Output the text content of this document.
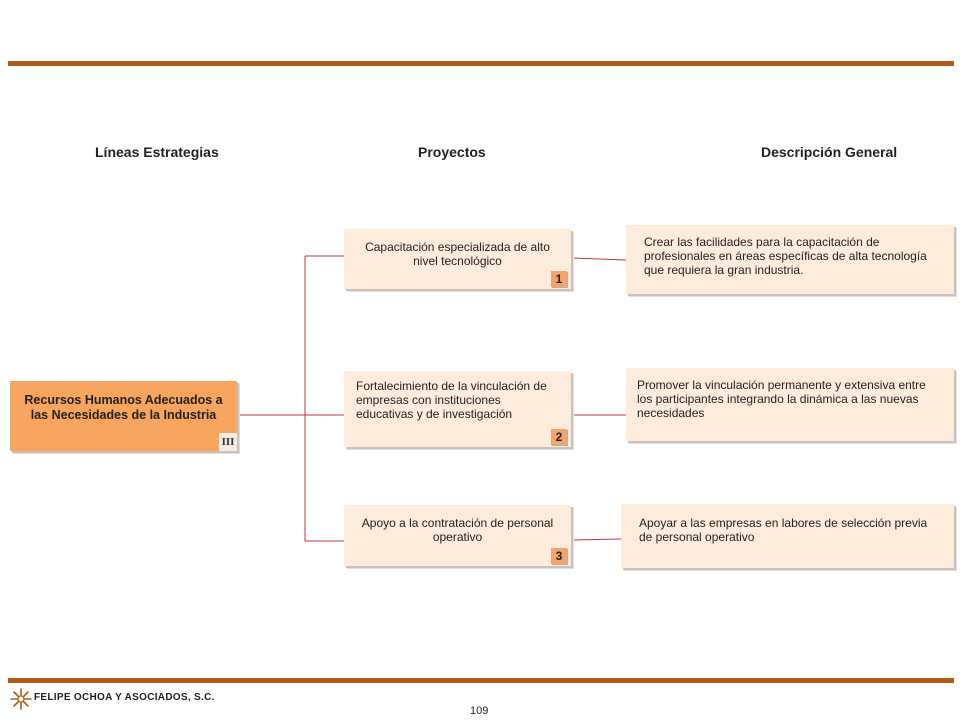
Líneas Estrategias	Proyectos	Descripción General
Recursos Humanos Adecuados a las Necesidades de la Industria
III
Capacitación especializada de alto nivel tecnológico
1
Fortalecimiento de la vinculación de empresas con instituciones educativas y de investigación
2
Apoyo a la contratación de personal operativo
3
Crear las facilidades para la capacitación de profesionales en áreas específicas de alta tecnología que requiera la gran industria.
Promover la vinculación permanente y extensiva entre los participantes integrando la dinámica a las nuevas necesidades
Apoyar a las empresas en labores de selección previa de personal operativo
FELIPE OCHOA Y ASOCIADOS, S.C.
109
